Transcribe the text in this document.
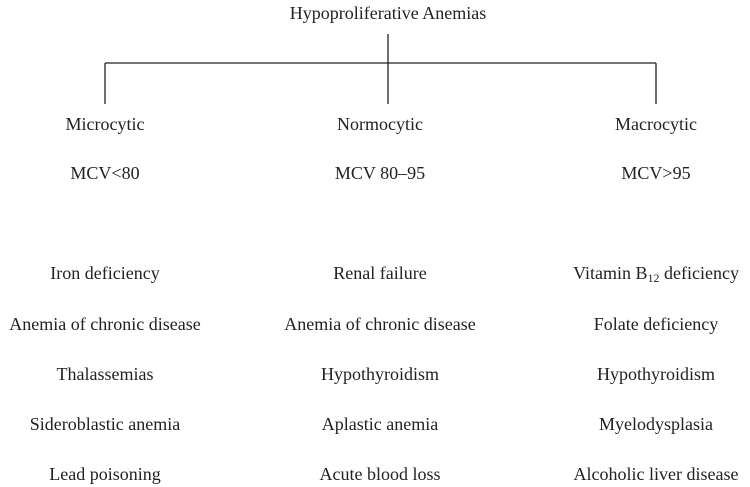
Hypoproliferative Anemias
Microcytic
MCV<80
Iron deficiency
Anemia of chronic disease
Thalassemias
Sideroblastic anemia
Lead poisoning
Normocytic
MCV 80–95
Renal failure
Anemia of chronic disease
Hypothyroidism
Aplastic anemia
Acute blood loss
Macrocytic
MCV>95
Vitamin $B_{12}$ deficiency
Folate deficiency
Hypothyroidism
Myelodysplasia
Alcoholic liver disease
